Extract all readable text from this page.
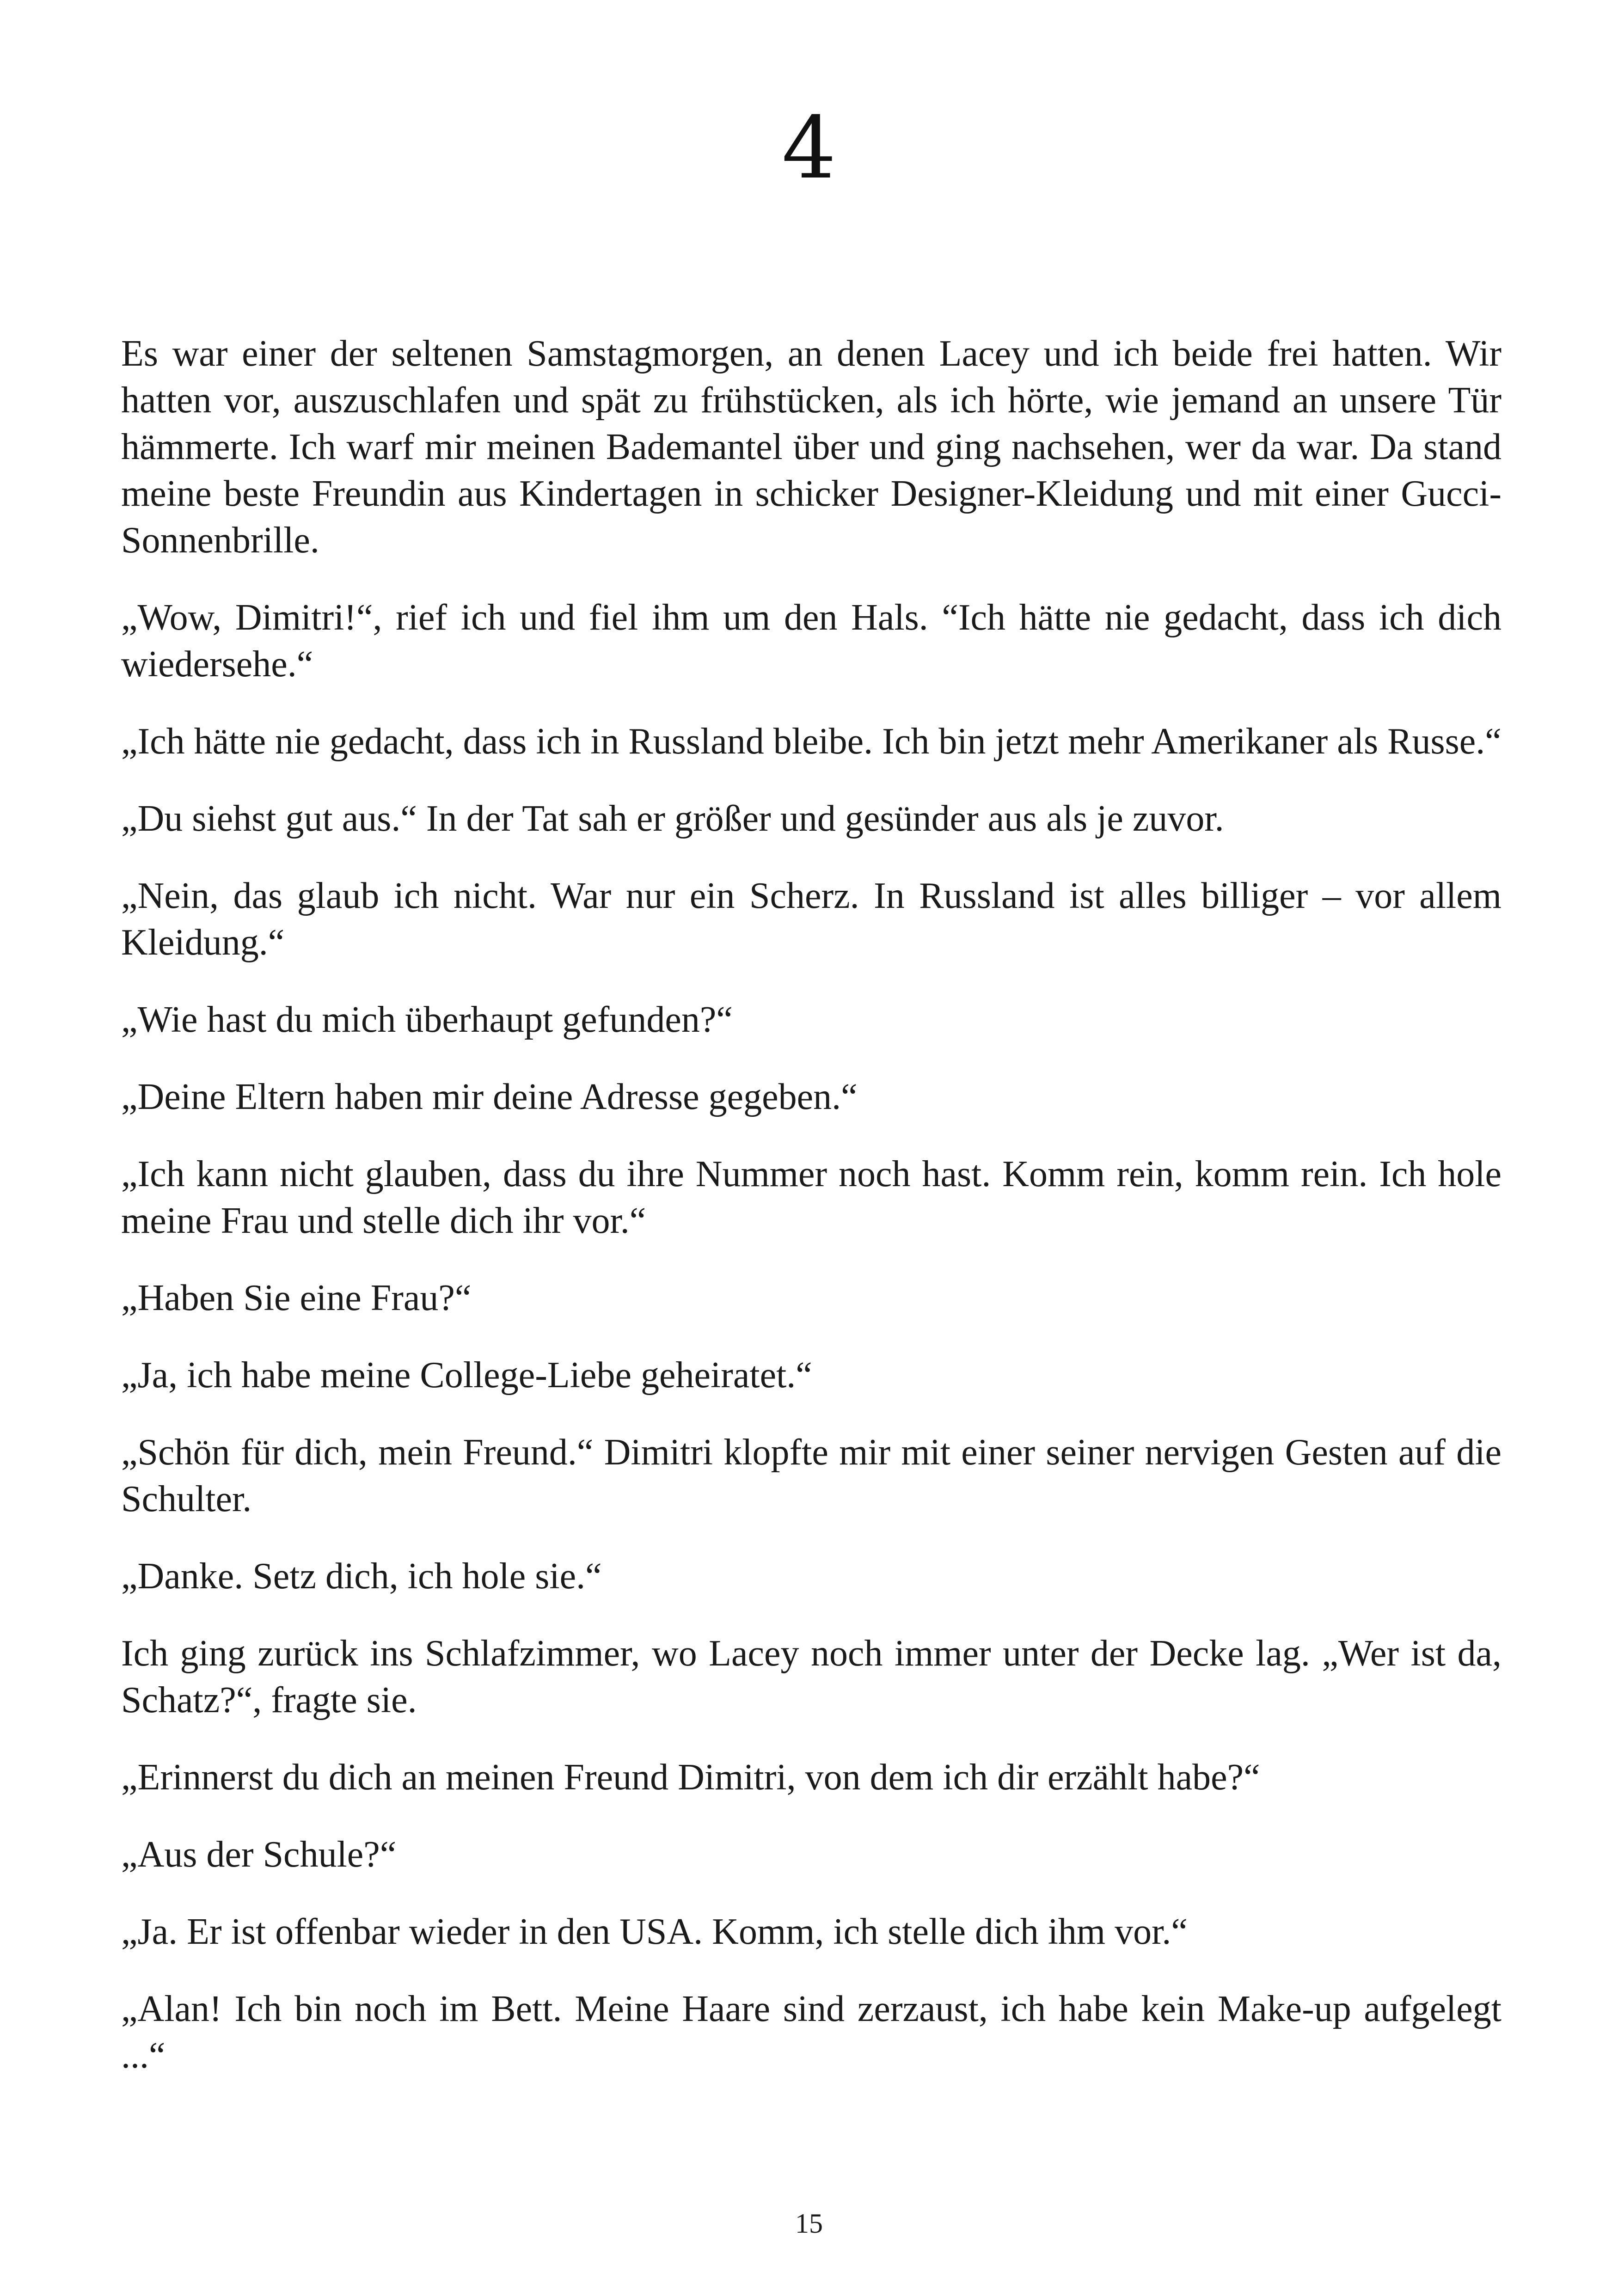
4

Es war einer der seltenen Samstagmorgen, an denen Lacey und ich beide frei hatten. Wir hatten vor, auszuschlafen und spät zu frühstücken, als ich hörte, wie jemand an unsere Tür hämmerte. Ich warf mir meinen Bademantel über und ging nachsehen, wer da war. Da stand meine beste Freundin aus Kindertagen in schicker Designer-Kleidung und mit einer Gucci-Sonnenbrille.

„Wow, Dimitri!“, rief ich und fiel ihm um den Hals. “Ich hätte nie gedacht, dass ich dich wiedersehe.“

„Ich hätte nie gedacht, dass ich in Russland bleibe. Ich bin jetzt mehr Amerikaner als Russe.“

„Du siehst gut aus.“ In der Tat sah er größer und gesünder aus als je zuvor.

„Nein, das glaub ich nicht. War nur ein Scherz. In Russland ist alles billiger – vor allem Kleidung.“

„Wie hast du mich überhaupt gefunden?“

„Deine Eltern haben mir deine Adresse gegeben.“

„Ich kann nicht glauben, dass du ihre Nummer noch hast. Komm rein, komm rein. Ich hole meine Frau und stelle dich ihr vor.“

„Haben Sie eine Frau?“

„Ja, ich habe meine College-Liebe geheiratet.“

„Schön für dich, mein Freund.“ Dimitri klopfte mir mit einer seiner nervigen Gesten auf die Schulter.

„Danke. Setz dich, ich hole sie.“

Ich ging zurück ins Schlafzimmer, wo Lacey noch immer unter der Decke lag. „Wer ist da, Schatz?“, fragte sie.

„Erinnerst du dich an meinen Freund Dimitri, von dem ich dir erzählt habe?“

„Aus der Schule?“

„Ja. Er ist offenbar wieder in den USA. Komm, ich stelle dich ihm vor.“

„Alan! Ich bin noch im Bett. Meine Haare sind zerzaust, ich habe kein Make-up aufgelegt ...“

15
